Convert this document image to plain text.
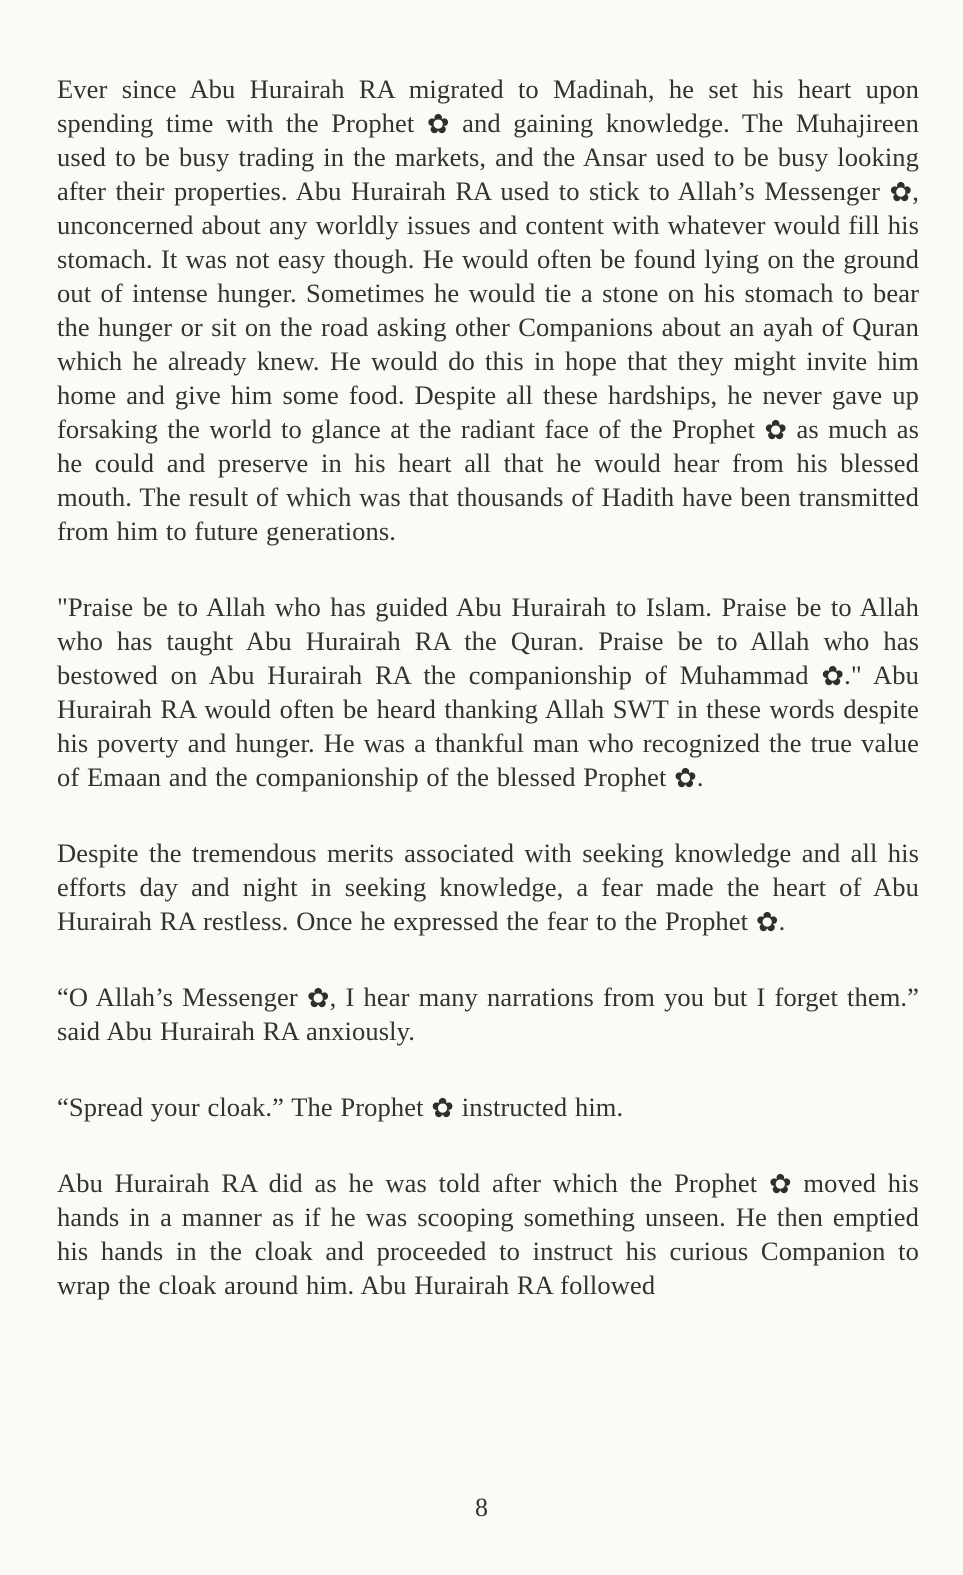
Ever since Abu Hurairah RA migrated to Madinah, he set his heart upon spending time with the Prophet ✿ and gaining knowledge. The Muhajireen used to be busy trading in the markets, and the Ansar used to be busy looking after their properties. Abu Hurairah RA used to stick to Allah’s Messenger ✿, unconcerned about any worldly issues and content with whatever would fill his stomach. It was not easy though. He would often be found lying on the ground out of intense hunger. Sometimes he would tie a stone on his stomach to bear the hunger or sit on the road asking other Companions about an ayah of Quran which he already knew. He would do this in hope that they might invite him home and give him some food. Despite all these hardships, he never gave up forsaking the world to glance at the radiant face of the Prophet ✿ as much as he could and preserve in his heart all that he would hear from his blessed mouth. The result of which was that thousands of Hadith have been transmitted from him to future generations.

"Praise be to Allah who has guided Abu Hurairah to Islam. Praise be to Allah who has taught Abu Hurairah RA the Quran. Praise be to Allah who has bestowed on Abu Hurairah RA the companionship of Muhammad ✿." Abu Hurairah RA would often be heard thanking Allah SWT in these words despite his poverty and hunger. He was a thankful man who recognized the true value of Emaan and the companionship of the blessed Prophet ✿.

Despite the tremendous merits associated with seeking knowledge and all his efforts day and night in seeking knowledge, a fear made the heart of Abu Hurairah RA restless. Once he expressed the fear to the Prophet ✿.

“O Allah’s Messenger ✿, I hear many narrations from you but I forget them.” said Abu Hurairah RA anxiously.

“Spread your cloak.” The Prophet ✿ instructed him.

Abu Hurairah RA did as he was told after which the Prophet ✿ moved his hands in a manner as if he was scooping something unseen. He then emptied his hands in the cloak and proceeded to instruct his curious Companion to wrap the cloak around him. Abu Hurairah RA followed

8
